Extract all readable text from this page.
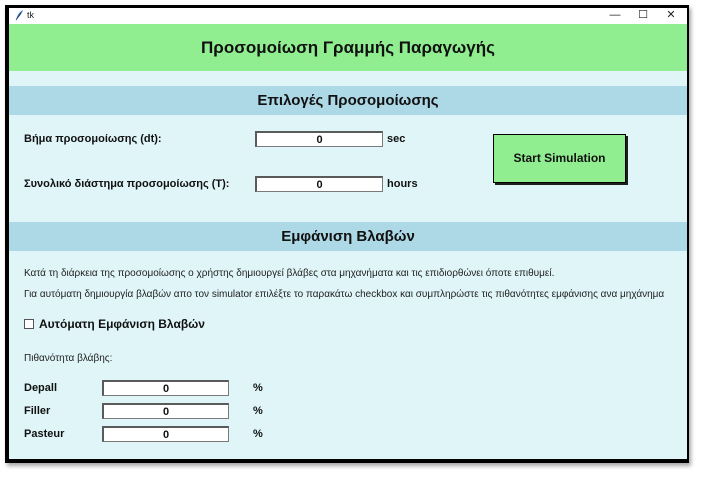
tk	—	☐	✕
Προσομοίωση Γραμμής Παραγωγής
Επιλογές Προσομοίωσης
Βήμα προσομοίωσης (dt):
0	sec
Συνολικό διάστημα προσομοίωσης (T):
0	hours
Start Simulation
Εμφάνιση Βλαβών
Κατά τη διάρκεια της προσομοίωσης ο χρήστης δημιουργεί βλάβες στα μηχανήματα και τις επιδιορθώνει όποτε επιθυμεί.
Για αυτόματη δημιουργία βλαβών απο τον simulator επιλέξτε το παρακάτω checkbox και συμπληρώστε τις πιθανότητες εμφάνισης ανα μηχάνημα
Αυτόματη Εμφάνιση Βλαβών
Πιθανότητα βλάβης:
Depall
0	%
Filler
0	%
Pasteur
0	%
